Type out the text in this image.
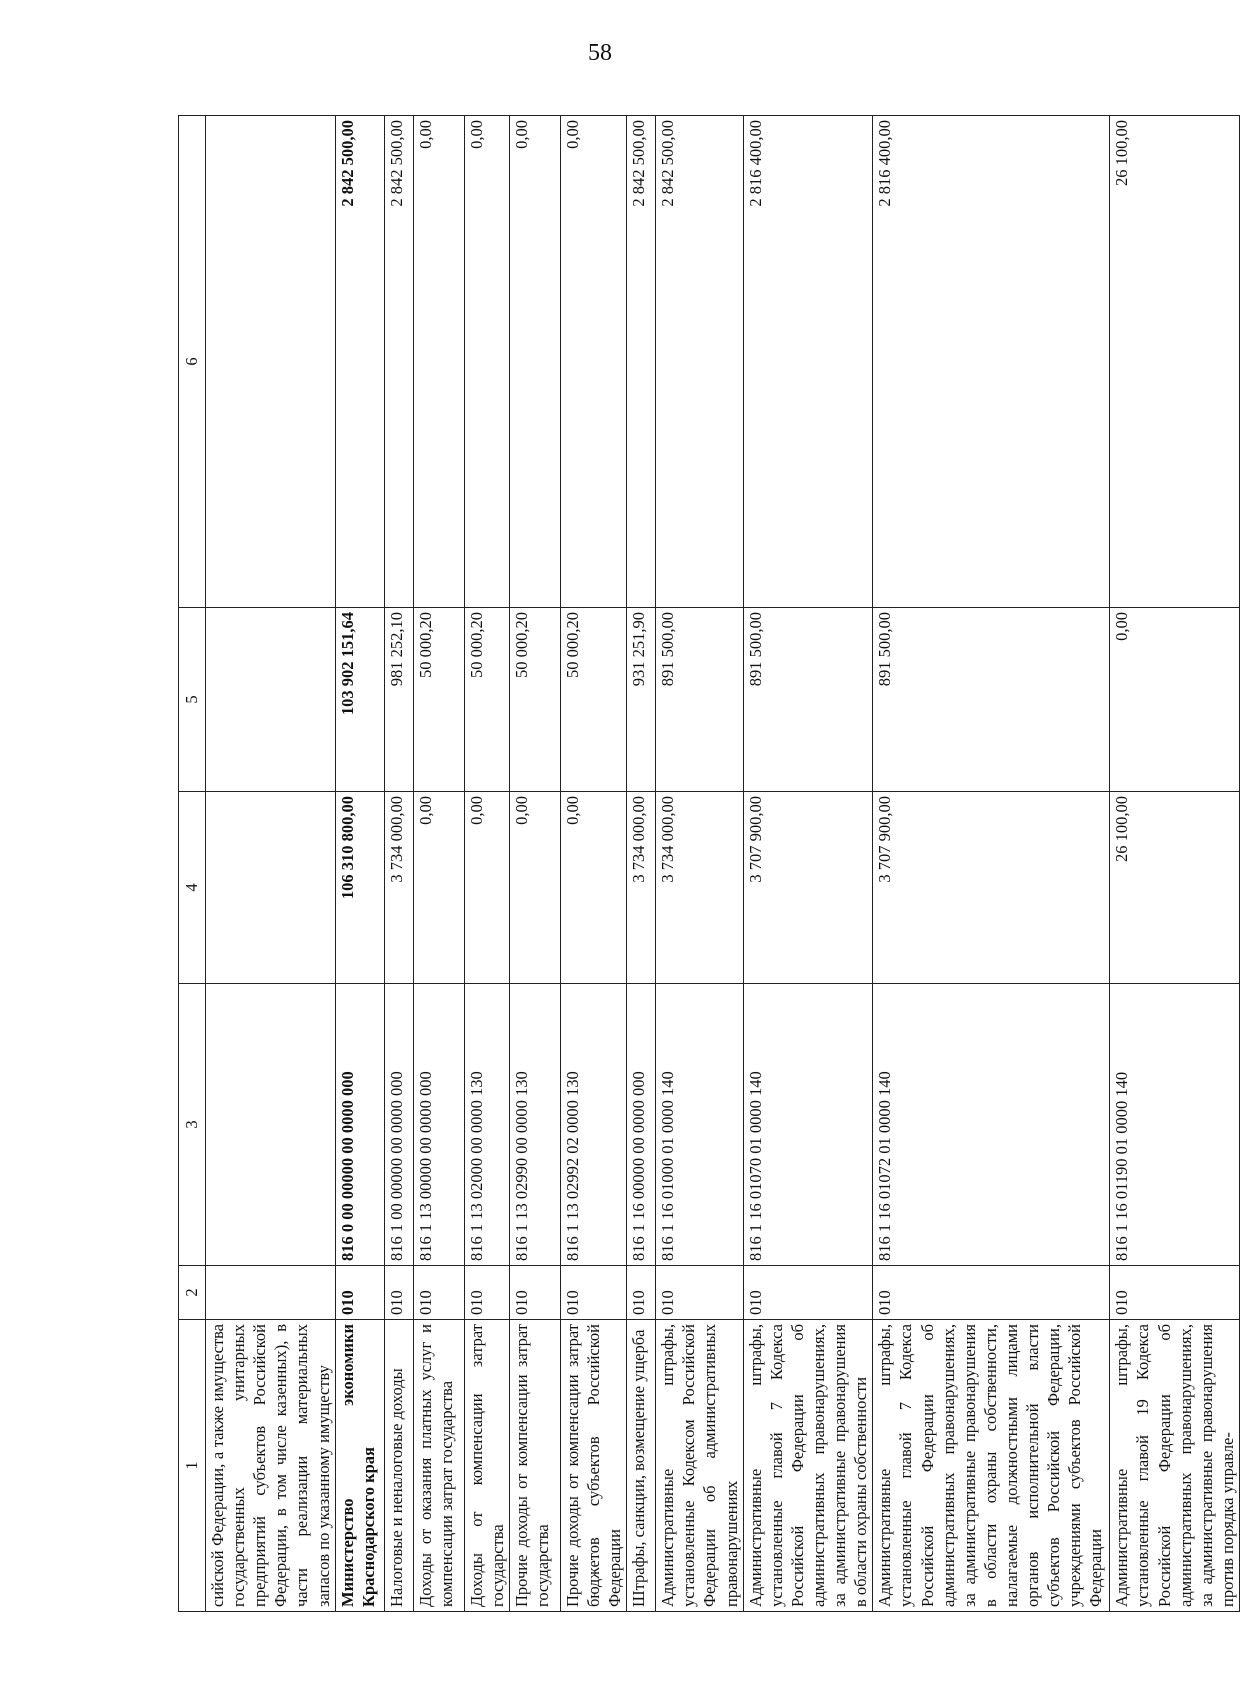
58
1	2	3	4	5	6
сийской Федерации, а также имущества государственных унитарных предприятий субъектов Российской Федерации, в том числе казенных), в части реализации материальных запасов по указанному имуществу					
Министерство экономики Краснодарского края	010	816 0 00 00000 00 0000 000	106 310 800,00	103 902 151,64	2 842 500,00
Налоговые и неналоговые доходы	010	816 1 00 00000 00 0000 000	3 734 000,00	981 252,10	2 842 500,00
Доходы от оказания платных услуг и компенсации затрат государства	010	816 1 13 00000 00 0000 000	0,00	50 000,20	0,00
Доходы от компенсации затрат государства	010	816 1 13 02000 00 0000 130	0,00	50 000,20	0,00
Прочие доходы от компенсации затрат государства	010	816 1 13 02990 00 0000 130	0,00	50 000,20	0,00
Прочие доходы от компенсации затрат бюджетов субъектов Российской Федерации	010	816 1 13 02992 02 0000 130	0,00	50 000,20	0,00
Штрафы, санкции, возмещение ущерба	010	816 1 16 00000 00 0000 000	3 734 000,00	931 251,90	2 842 500,00
Административные штрафы, установленные Кодексом Российской Федерации об административных правонарушениях	010	816 1 16 01000 01 0000 140	3 734 000,00	891 500,00	2 842 500,00
Административные штрафы, установленные главой 7 Кодекса Российской Федерации об административных правонарушениях, за административные правонарушения в области охраны собственности	010	816 1 16 01070 01 0000 140	3 707 900,00	891 500,00	2 816 400,00
Административные штрафы, установленные главой 7 Кодекса Российской Федерации об административных правонарушениях, за административные правонарушения в области охраны собственности, налагаемые должностными лицами органов исполнительной власти субъектов Российской Федерации, учреждениями субъектов Российской Федерации	010	816 1 16 01072 01 0000 140	3 707 900,00	891 500,00	2 816 400,00
Административные штрафы, установленные главой 19 Кодекса Российской Федерации об административных правонарушениях, за административные правонарушения против порядка управле-	010	816 1 16 01190 01 0000 140	26 100,00	0,00	26 100,00
